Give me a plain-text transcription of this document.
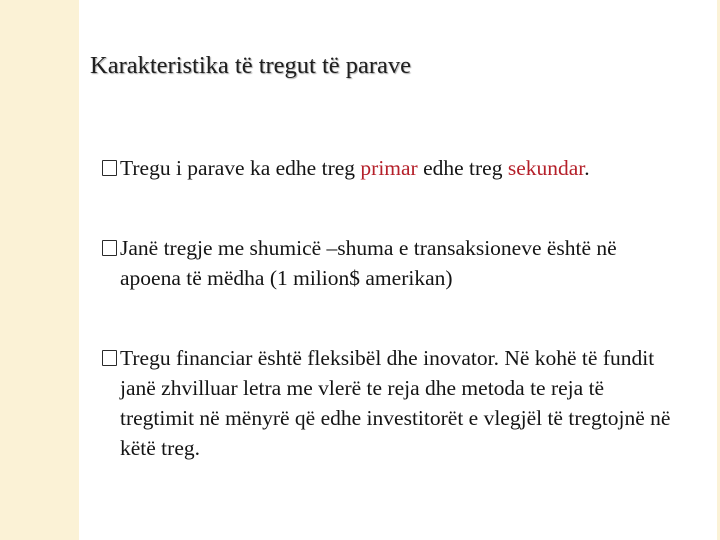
Karakteristika të tregut të parave
Tregu i parave ka edhe treg primar edhe treg sekundar.
Janë tregje me shumicë –shuma e transaksioneve është në apoena të mëdha (1 milion$ amerikan)
Tregu financiar është fleksibël dhe inovator. Në kohë të fundit janë zhvilluar letra me vlerë te reja dhe metoda te reja të tregtimit në mënyrë që edhe investitorët e vlegjël të tregtojnë në këtë treg.
